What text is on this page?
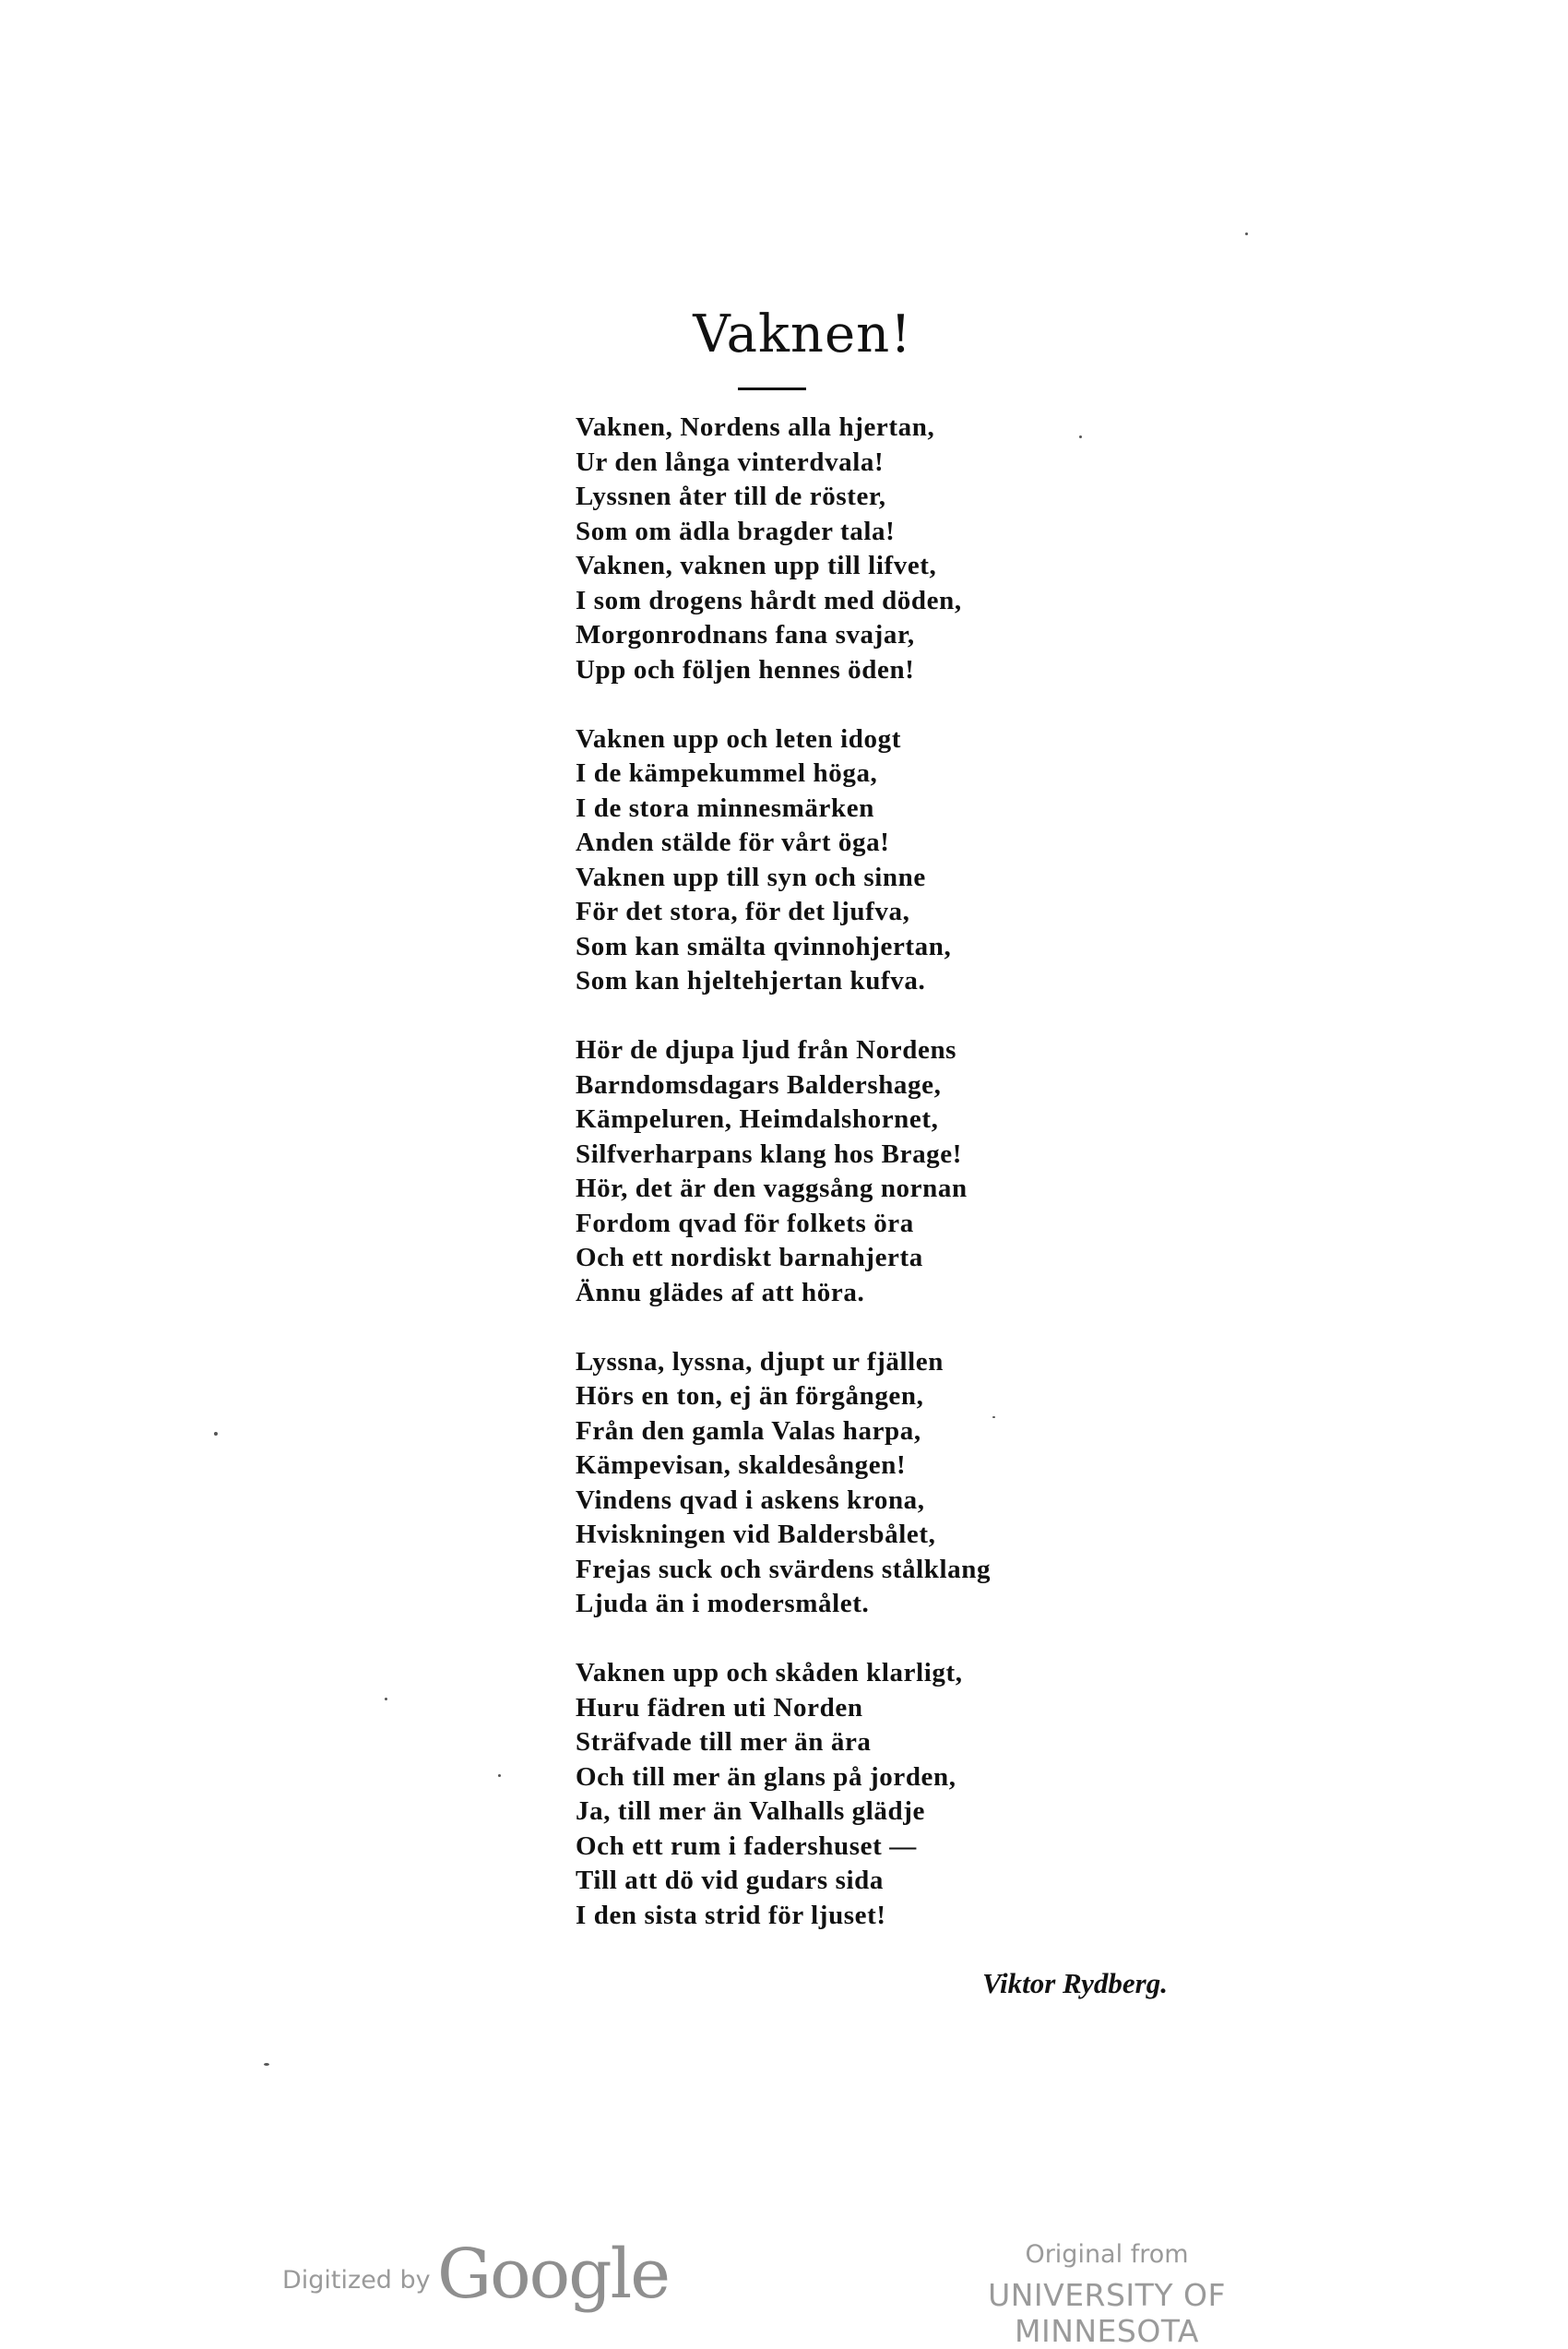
Vaknen!
Vaknen, Nordens alla hjertan,
Ur den långa vinterdvala!
Lyssnen åter till de röster,
Som om ädla bragder tala!
Vaknen, vaknen upp till lifvet,
I som drogens hårdt med döden,
Morgonrodnans fana svajar,
Upp och följen hennes öden!
Vaknen upp och leten idogt
I de kämpekummel höga,
I de stora minnesmärken
Anden stälde för vårt öga!
Vaknen upp till syn och sinne
För det stora, för det ljufva,
Som kan smälta qvinnohjertan,
Som kan hjeltehjertan kufva.
Hör de djupa ljud från Nordens
Barndomsdagars Baldershage,
Kämpeluren, Heimdalshornet,
Silfverharpans klang hos Brage!
Hör, det är den vaggsång nornan
Fordom qvad för folkets öra
Och ett nordiskt barnahjerta
Ännu glädes af att höra.
Lyssna, lyssna, djupt ur fjällen
Hörs en ton, ej än förgången,
Från den gamla Valas harpa,
Kämpevisan, skaldesången!
Vindens qvad i askens krona,
Hviskningen vid Baldersbålet,
Frejas suck och svärdens stålklang
Ljuda än i modersmålet.
Vaknen upp och skåden klarligt,
Huru fädren uti Norden
Sträfvade till mer än ära
Och till mer än glans på jorden,
Ja, till mer än Valhalls glädje
Och ett rum i fadershuset —
Till att dö vid gudars sida
I den sista strid för ljuset!
Viktor Rydberg.
Digitized by Google	Original from
UNIVERSITY OF MINNESOTA
